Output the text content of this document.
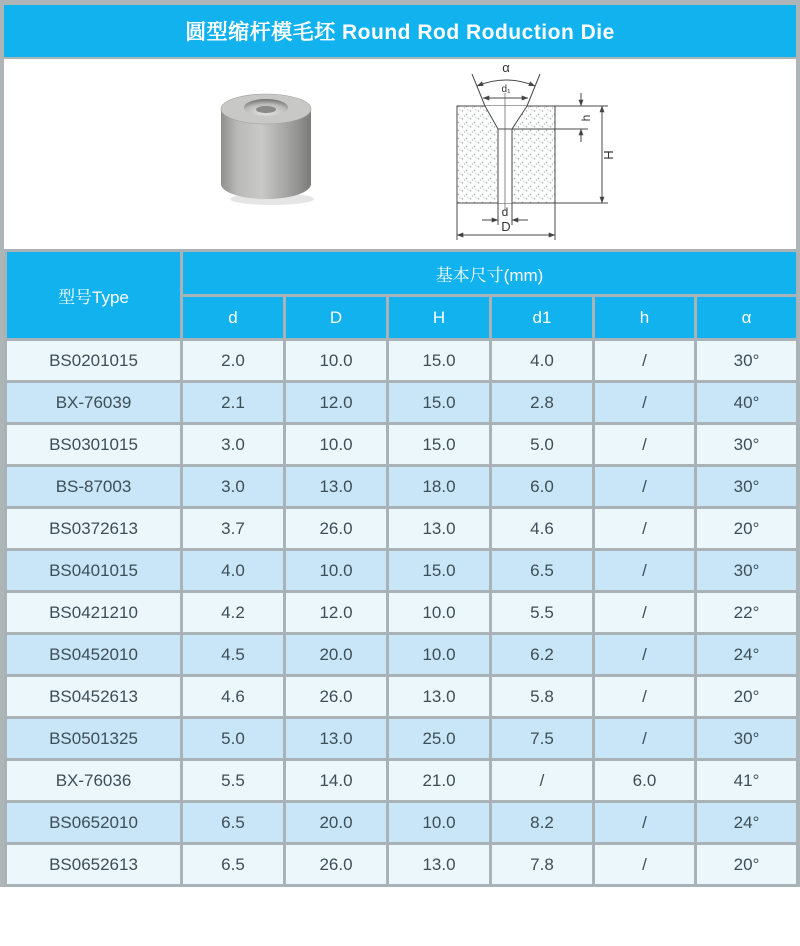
圆型缩杆模毛坯 Round Rod Roduction Die
α
d₁
h
H
d
D
型号Type	基本尺寸(mm)					
	d	D	H	d1	h	α
BS0201015	2.0	10.0	15.0	4.0	/	30°
BX-76039	2.1	12.0	15.0	2.8	/	40°
BS0301015	3.0	10.0	15.0	5.0	/	30°
BS-87003	3.0	13.0	18.0	6.0	/	30°
BS0372613	3.7	26.0	13.0	4.6	/	20°
BS0401015	4.0	10.0	15.0	6.5	/	30°
BS0421210	4.2	12.0	10.0	5.5	/	22°
BS0452010	4.5	20.0	10.0	6.2	/	24°
BS0452613	4.6	26.0	13.0	5.8	/	20°
BS0501325	5.0	13.0	25.0	7.5	/	30°
BX-76036	5.5	14.0	21.0	/	6.0	41°
BS0652010	6.5	20.0	10.0	8.2	/	24°
BS0652613	6.5	26.0	13.0	7.8	/	20°
